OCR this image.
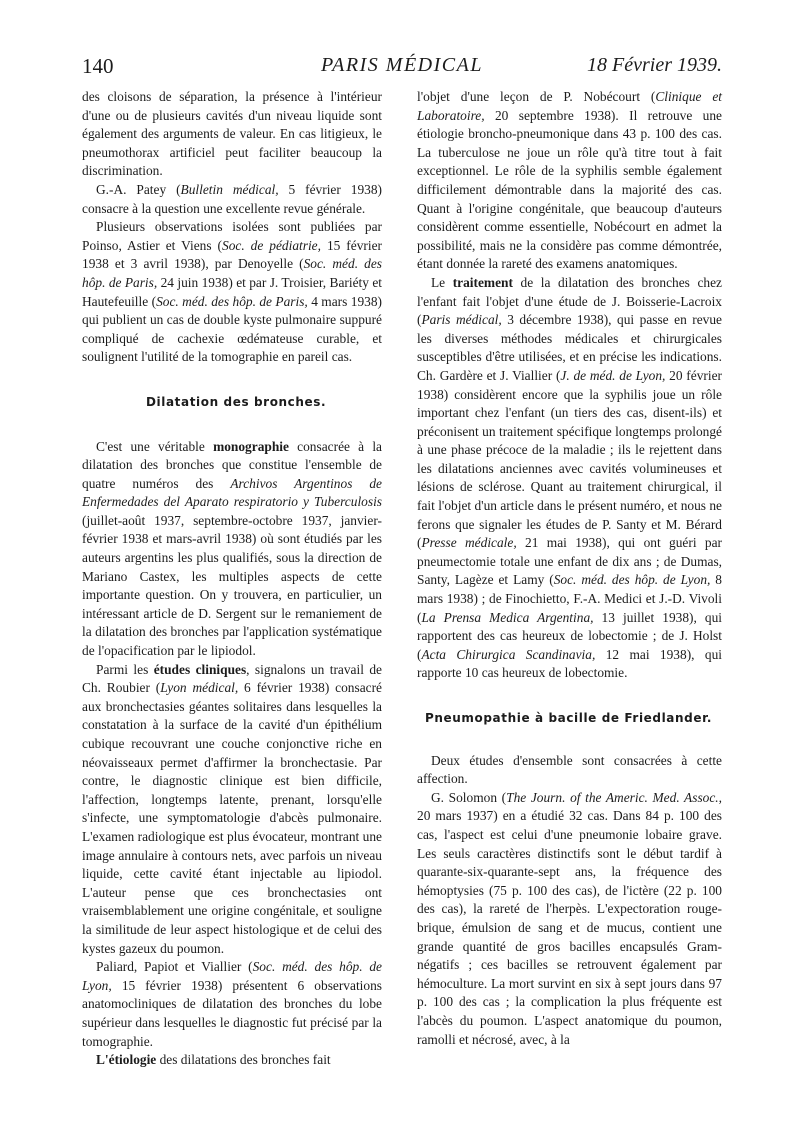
140	PARIS MÉDICAL	18 Février 1939.

des cloisons de séparation, la présence à l'intérieur d'une ou de plusieurs cavités d'un niveau liquide sont également des arguments de valeur. En cas litigieux, le pneumothorax artificiel peut faciliter beaucoup la discrimination.

G.-A. Patey (Bulletin médical, 5 février 1938) consacre à la question une excellente revue générale.

Plusieurs observations isolées sont publiées par Poinso, Astier et Viens (Soc. de pédiatrie, 15 février 1938 et 3 avril 1938), par Denoyelle (Soc. méd. des hôp. de Paris, 24 juin 1938) et par J. Troisier, Bariéty et Hautefeuille (Soc. méd. des hôp. de Paris, 4 mars 1938) qui publient un cas de double kyste pulmonaire suppuré compliqué de cachexie œdémateuse curable, et soulignent l'utilité de la tomographie en pareil cas.

Dilatation des bronches.

C'est une véritable monographie consacrée à la dilatation des bronches que constitue l'ensemble de quatre numéros des Archivos Argentinos de Enfermedades del Aparato respiratorio y Tuberculosis (juillet-août 1937, septembre-octobre 1937, janvier-février 1938 et mars-avril 1938) où sont étudiés par les auteurs argentins les plus qualifiés, sous la direction de Mariano Castex, les multiples aspects de cette importante question. On y trouvera, en particulier, un intéressant article de D. Sergent sur le remaniement de la dilatation des bronches par l'application systématique de l'opacification par le lipiodol.

Parmi les études cliniques, signalons un travail de Ch. Roubier (Lyon médical, 6 février 1938) consacré aux bronchectasies géantes solitaires dans lesquelles la constatation à la surface de la cavité d'un épithélium cubique recouvrant une couche conjonctive riche en néovaisseaux permet d'affirmer la bronchectasie. Par contre, le diagnostic clinique est bien difficile, l'affection, longtemps latente, prenant, lorsqu'elle s'infecte, une symptomatologie d'abcès pulmonaire. L'examen radiologique est plus évocateur, montrant une image annulaire à contours nets, avec parfois un niveau liquide, cette cavité étant injectable au lipiodol. L'auteur pense que ces bronchectasies ont vraisemblablement une origine congénitale, et souligne la similitude de leur aspect histologique et de celui des kystes gazeux du poumon.

Paliard, Papiot et Viallier (Soc. méd. des hôp. de Lyon, 15 février 1938) présentent 6 observations anatomocliniques de dilatation des bronches du lobe supérieur dans lesquelles le diagnostic fut précisé par la tomographie.

L'étiologie des dilatations des bronches fait

l'objet d'une leçon de P. Nobécourt (Clinique et Laboratoire, 20 septembre 1938). Il retrouve une étiologie broncho-pneumonique dans 43 p. 100 des cas. La tuberculose ne joue un rôle qu'à titre tout à fait exceptionnel. Le rôle de la syphilis semble également difficilement démontrable dans la majorité des cas. Quant à l'origine congénitale, que beaucoup d'auteurs considèrent comme essentielle, Nobécourt en admet la possibilité, mais ne la considère pas comme démontrée, étant donnée la rareté des examens anatomiques.

Le traitement de la dilatation des bronches chez l'enfant fait l'objet d'une étude de J. Boisserie-Lacroix (Paris médical, 3 décembre 1938), qui passe en revue les diverses méthodes médicales et chirurgicales susceptibles d'être utilisées, et en précise les indications. Ch. Gardère et J. Viallier (J. de méd. de Lyon, 20 février 1938) considèrent encore que la syphilis joue un rôle important chez l'enfant (un tiers des cas, disent-ils) et préconisent un traitement spécifique longtemps prolongé à une phase précoce de la maladie ; ils le rejettent dans les dilatations anciennes avec cavités volumineuses et lésions de sclérose. Quant au traitement chirurgical, il fait l'objet d'un article dans le présent numéro, et nous ne ferons que signaler les études de P. Santy et M. Bérard (Presse médicale, 21 mai 1938), qui ont guéri par pneumectomie totale une enfant de dix ans ; de Dumas, Santy, Lagèze et Lamy (Soc. méd. des hôp. de Lyon, 8 mars 1938) ; de Finochietto, F.-A. Medici et J.-D. Vivoli (La Prensa Medica Argentina, 13 juillet 1938), qui rapportent des cas heureux de lobectomie ; de J. Holst (Acta Chirurgica Scandinavia, 12 mai 1938), qui rapporte 10 cas heureux de lobectomie.

Pneumopathie à bacille de Friedlander.

Deux études d'ensemble sont consacrées à cette affection.

G. Solomon (The Journ. of the Americ. Med. Assoc., 20 mars 1937) en a étudié 32 cas. Dans 84 p. 100 des cas, l'aspect est celui d'une pneumonie lobaire grave. Les seuls caractères distinctifs sont le début tardif à quarante-six-quarante-sept ans, la fréquence des hémoptysies (75 p. 100 des cas), de l'ictère (22 p. 100 des cas), la rareté de l'herpès. L'expectoration rouge-brique, émulsion de sang et de mucus, contient une grande quantité de gros bacilles encapsulés Gram-négatifs ; ces bacilles se retrouvent également par hémoculture. La mort survint en six à sept jours dans 97 p. 100 des cas ; la complication la plus fréquente est l'abcès du poumon. L'aspect anatomique du poumon, ramolli et nécrosé, avec, à la
